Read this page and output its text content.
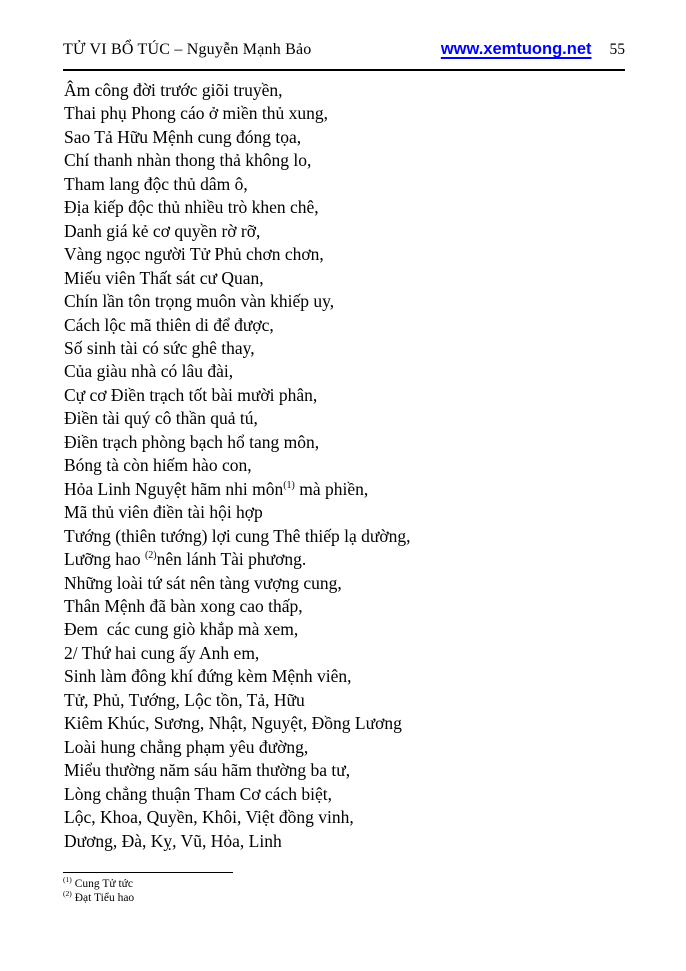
TỬ VI BỔ TÚC – Nguyễn Mạnh Bảo	www.xemtuong.net 55
Âm công đời trước giõi truyền,
Thai phụ Phong cáo ở miền thủ xung,
Sao Tả Hữu Mệnh cung đóng tọa,
Chí thanh nhàn thong thả không lo,
Tham lang độc thủ dâm ô,
Địa kiếp độc thủ nhiều trò khen chê,
Danh giá kẻ cơ quyền rờ rỡ,
Vàng ngọc người Tử Phủ chơn chơn,
Miếu viên Thất sát cư Quan,
Chín lần tôn trọng muôn vàn khiếp uy,
Cách lộc mã thiên di để được,
Số sinh tài có sức ghê thay,
Của giàu nhà có lâu đài,
Cự cơ Điền trạch tốt bài mười phân,
Điền tài quý cô thần quả tú,
Điền trạch phòng bạch hổ tang môn,
Bóng tà còn hiếm hào con,
Hỏa Linh Nguyệt hãm nhi môn$^{(1)}$ mà phiền,
Mã thủ viên điền tài hội hợp
Tướng (thiên tướng) lợi cung Thê thiếp lạ dường,
Lưỡng hao $^{(2)}$nên lánh Tài phương.
Những loài tứ sát nên tàng vượng cung,
Thân Mệnh đã bàn xong cao thấp,
Đem  các cung giò khắp mà xem,
2/ Thứ hai cung ấy Anh em,
Sinh làm đông khí đứng kèm Mệnh viên,
Tử, Phủ, Tướng, Lộc tồn, Tả, Hữu
Kiêm Khúc, Sương, Nhật, Nguyệt, Đồng Lương
Loài hung chẳng phạm yêu đường,
Miểu thường năm sáu hãm thường ba tư,
Lòng chẳng thuận Tham Cơ cách biệt,
Lộc, Khoa, Quyền, Khôi, Việt đồng vinh,
Dương, Đà, Kỵ, Vũ, Hỏa, Linh
$^{(1)}$ Cung Tử tức
$^{(2)}$ Đạt Tiểu hao
